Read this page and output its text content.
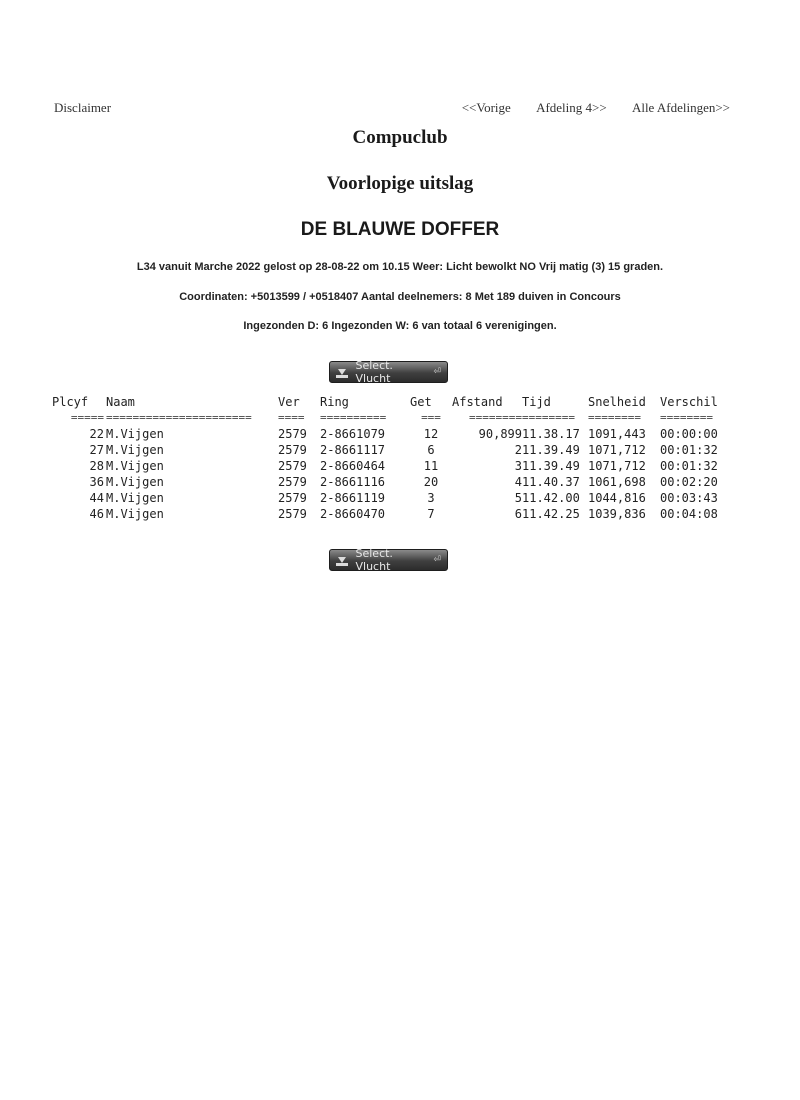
Disclaimer	<<Vorige Afdeling 4>> Alle Afdelingen>>
Compuclub
Voorlopige uitslag
DE BLAUWE DOFFER
L34 vanuit Marche 2022 gelost op 28-08-22 om 10.15 Weer: Licht bewolkt NO Vrij matig (3) 15 graden.
Coordinaten: +5013599 / +0518407 Aantal deelnemers: 8 Met 189 duiven in Concours
Ingezonden D: 6 Ingezonden W: 6 van totaal 6 verenigingen.
Select. Vlucht	⏎
Plcyf	Naam	Ver	Ring	Get	Afstand	Tijd	Snelheid	Verschil
=====	======================	====	==========	===	========	========	========	========
22	M.Vijgen	2579	2-8661079	12	90,899	11.38.17	1091,443	00:00:00
27	M.Vijgen	2579	2-8661117	6	2	11.39.49	1071,712	00:01:32
28	M.Vijgen	2579	2-8660464	11	3	11.39.49	1071,712	00:01:32
36	M.Vijgen	2579	2-8661116	20	4	11.40.37	1061,698	00:02:20
44	M.Vijgen	2579	2-8661119	3	5	11.42.00	1044,816	00:03:43
46	M.Vijgen	2579	2-8660470	7	6	11.42.25	1039,836	00:04:08
Select. Vlucht	⏎
